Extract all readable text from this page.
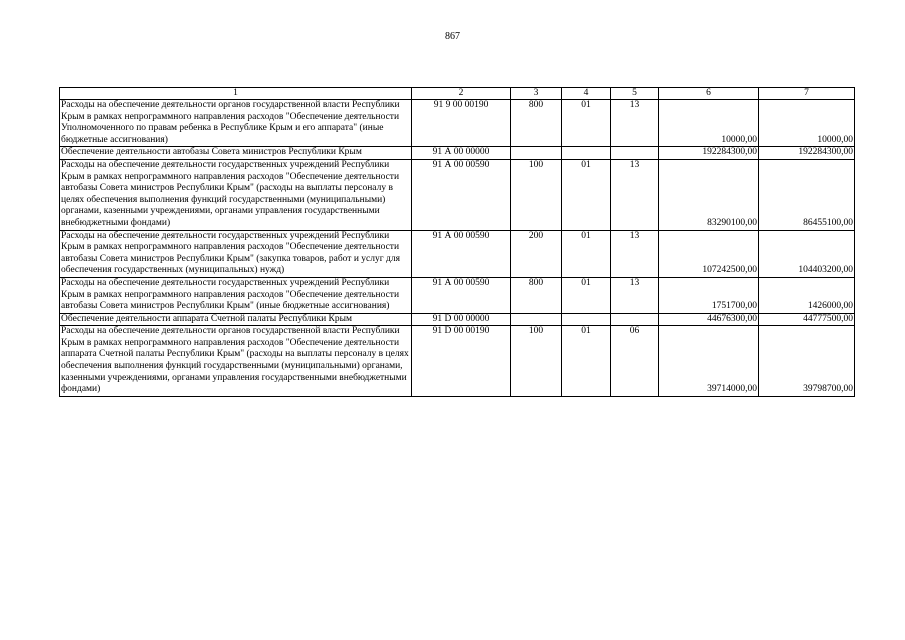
867
1	2	3	4	5	6	7
Расходы на обеспечение деятельности органов государственной власти Республики Крым в рамках непрограммного направления расходов "Обеспечение деятельности Уполномоченного по правам ребенка в Республике Крым и его аппарата" (иные бюджетные ассигнования)	91 9 00 00190	800	01	13	10000,00	10000,00
Обеспечение деятельности автобазы Совета министров Республики Крым	91 А 00 00000				192284300,00	192284300,00
Расходы на обеспечение деятельности государственных учреждений Республики Крым в рамках непрограммного направления расходов "Обеспечение деятельности автобазы Совета министров Республики Крым" (расходы на выплаты персоналу в целях обеспечения выполнения функций государственными (муниципальными) органами, казенными учреждениями, органами управления государственными внебюджетными фондами)	91 А 00 00590	100	01	13	83290100,00	86455100,00
Расходы на обеспечение деятельности государственных учреждений Республики Крым в рамках непрограммного направления расходов "Обеспечение деятельности автобазы Совета министров Республики Крым" (закупка товаров, работ и услуг для обеспечения государственных (муниципальных) нужд)	91 А 00 00590	200	01	13	107242500,00	104403200,00
Расходы на обеспечение деятельности государственных учреждений Республики Крым в рамках непрограммного направления расходов "Обеспечение деятельности автобазы Совета министров Республики Крым" (иные бюджетные ассигнования)	91 А 00 00590	800	01	13	1751700,00	1426000,00
Обеспечение деятельности аппарата Счетной палаты Республики Крым	91 D 00 00000				44676300,00	44777500,00
Расходы на обеспечение деятельности органов государственной власти Республики Крым в рамках непрограммного направления расходов "Обеспечение деятельности аппарата Счетной палаты Республики Крым" (расходы на выплаты персоналу в целях обеспечения выполнения функций государственными (муниципальными) органами, казенными учреждениями, органами управления государственными внебюджетными фондами)	91 D 00 00190	100	01	06	39714000,00	39798700,00
